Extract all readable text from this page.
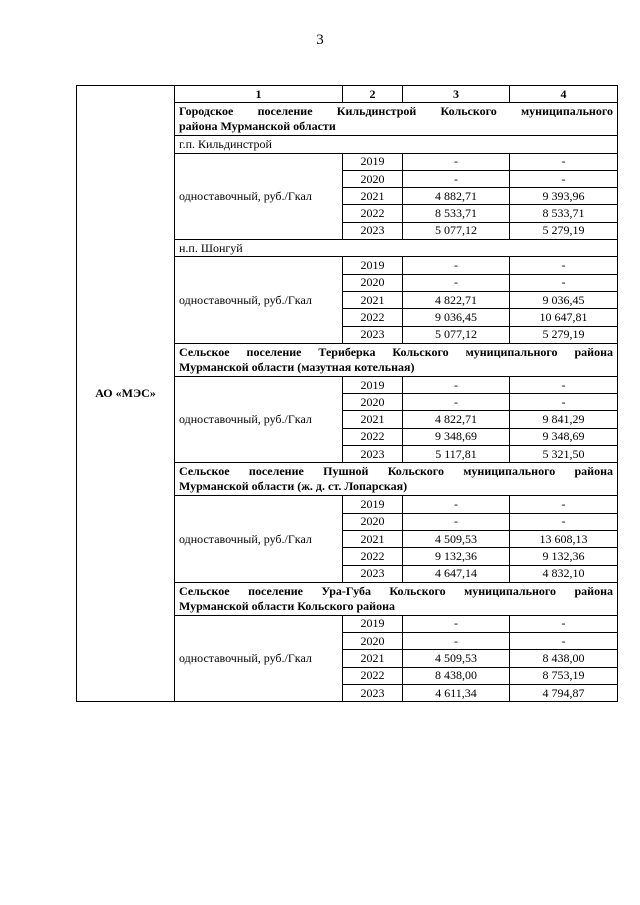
3
АО «МЭС»	1	2	3	4

	Городское поселение Кильдинстрой Кольского муниципального
района Мурманской области			

	г.п. Кильдинстрой			
	одноставочный, руб./Гкал	2019	-	-
		2020	-	-
		2021	4 882,71	9 393,96
		2022	8 533,71	8 533,71
		2023	5 077,12	5 279,19
	н.п. Шонгуй			
	одноставочный, руб./Гкал	2019	-	-
		2020	-	-
		2021	4 822,71	9 036,45
		2022	9 036,45	10 647,81
		2023	5 077,12	5 279,19

	Сельское поселение Териберка Кольского муниципального района
Мурманской области (мазутная котельная)			

	одноставочный, руб./Гкал	2019	-	-
		2020	-	-
		2021	4 822,71	9 841,29
		2022	9 348,69	9 348,69
		2023	5 117,81	5 321,50

	Сельское поселение Пушной Кольского муниципального района
Мурманской области (ж. д. ст. Лопарская)			

	одноставочный, руб./Гкал	2019	-	-
		2020	-	-
		2021	4 509,53	13 608,13
		2022	9 132,36	9 132,36
		2023	4 647,14	4 832,10

	Сельское поселение Ура-Губа Кольского муниципального района
Мурманской области Кольского района			

	одноставочный, руб./Гкал	2019	-	-
		2020	-	-
		2021	4 509,53	8 438,00
		2022	8 438,00	8 753,19
		2023	4 611,34	4 794,87
